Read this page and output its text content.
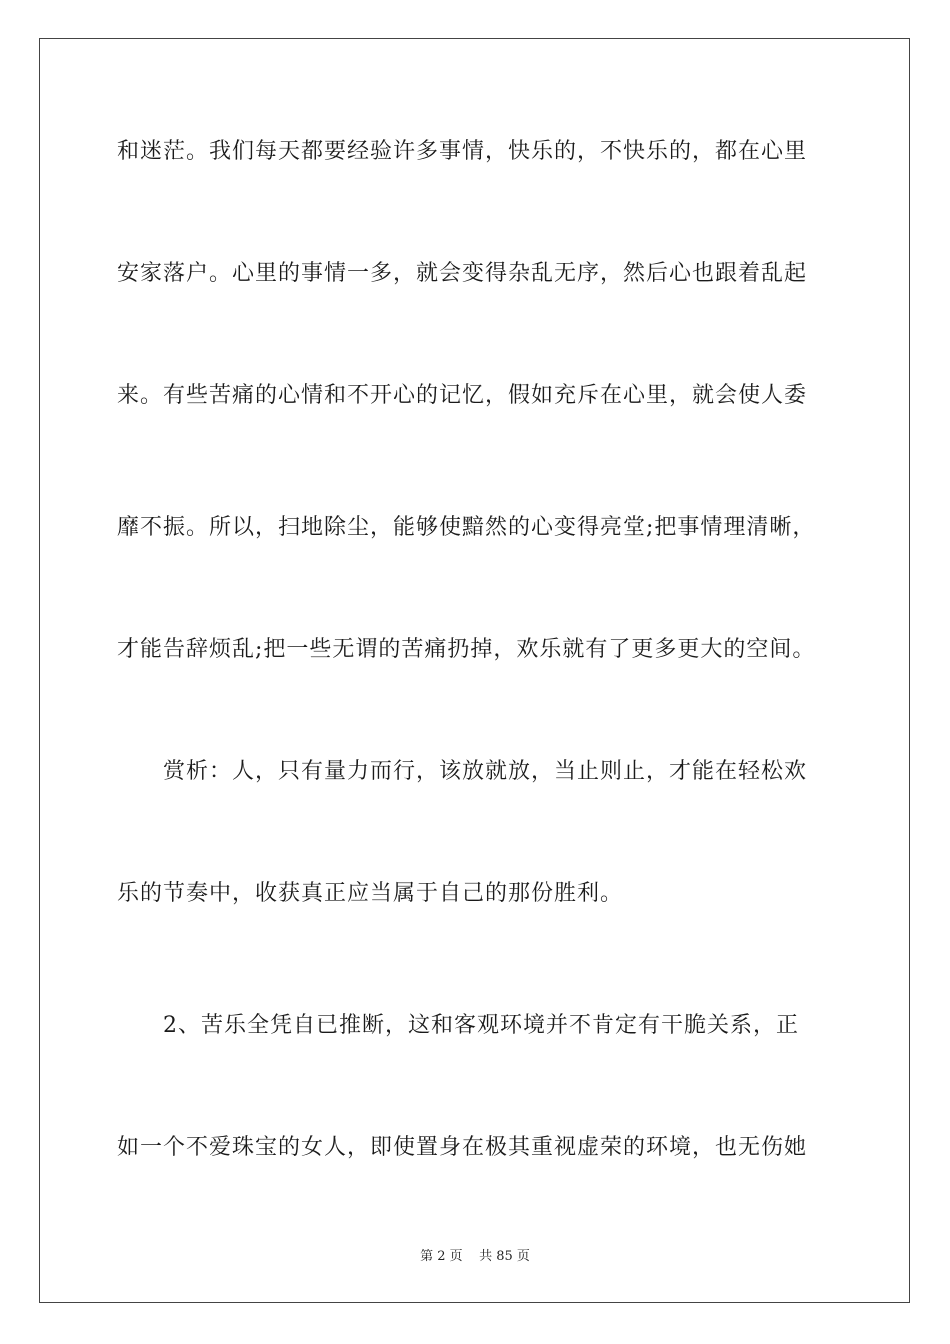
和迷茫。我们每天都要经验许多事情，快乐的，不快乐的，都在心里
安家落户。心里的事情一多，就会变得杂乱无序，然后心也跟着乱起
来。有些苦痛的心情和不开心的记忆，假如充斥在心里，就会使人委
靡不振。所以，扫地除尘，能够使黯然的心变得亮堂;把事情理清晰，
才能告辞烦乱;把一些无谓的苦痛扔掉，欢乐就有了更多更大的空间。
赏析：人，只有量力而行，该放就放，当止则止，才能在轻松欢
乐的节奏中，收获真正应当属于自己的那份胜利。
2、苦乐全凭自已推断，这和客观环境并不肯定有干脆关系，正
如一个不爱珠宝的女人，即使置身在极其重视虚荣的环境，也无伤她
第 2 页    共 85 页
